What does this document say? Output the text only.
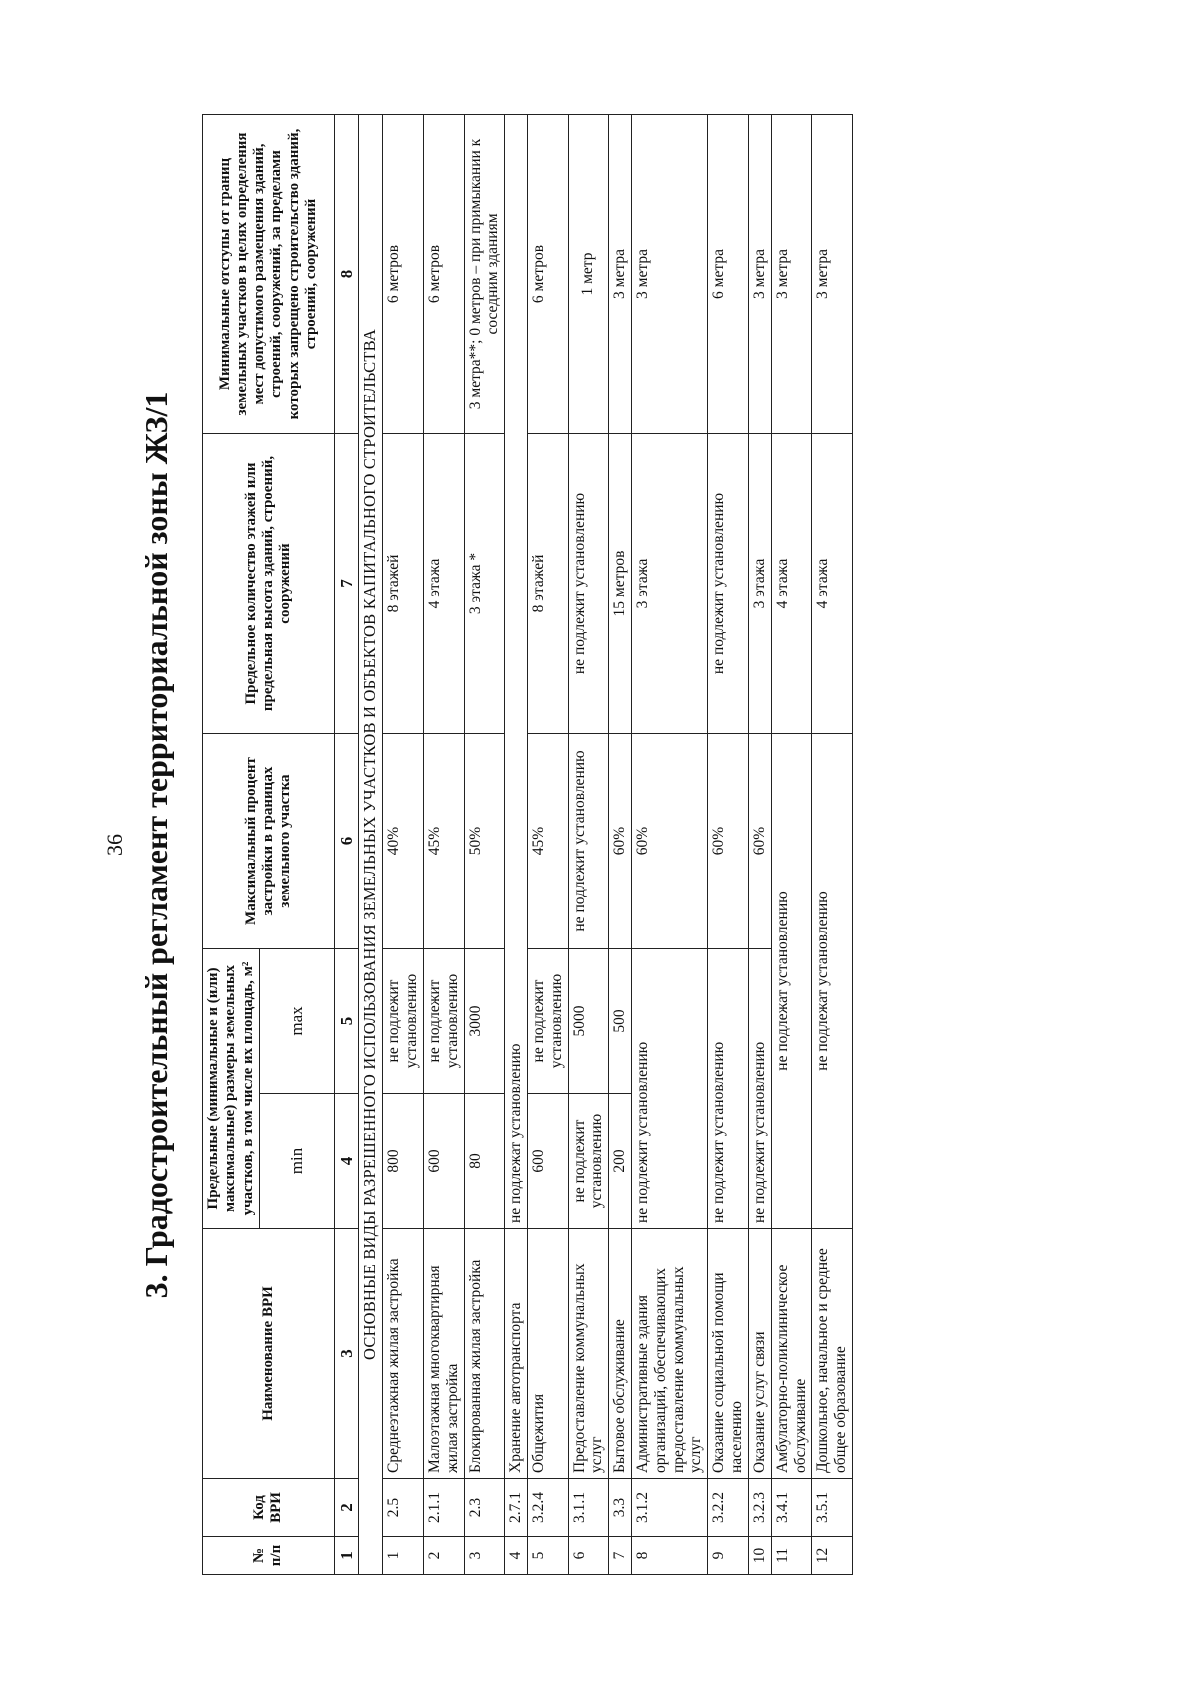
36 3. Градостроительный регламент территориальной зоны ЖЗ/1
№ п/п	Код ВРИ	Наименование ВРИ	Предельные (минимальные и (или) максимальные) размеры земельных участков, в том числе их площадь, м²		Максимальный процент застройки в границах земельного участка	Предельное количество этажей или предельная высота зданий, строений, сооружений	Минимальные отступы от границ земельных участков в целях определения мест допустимого размещения зданий, строений, сооружений, за пределами которых запрещено строительство зданий, строений, сооружений
			min	max			
1	2	3	4	5	6	7	8
ОСНОВНЫЕ ВИДЫ РАЗРЕШЕННОГО ИСПОЛЬЗОВАНИЯ ЗЕМЕЛЬНЫХ УЧАСТКОВ И ОБЪЕКТОВ КАПИТАЛЬНОГО СТРОИТЕЛЬСТВА							
1	2.5	Среднеэтажная жилая застройка	800	не подлежит установлению	40%	8 этажей	6 метров
2	2.1.1	Малоэтажная многоквартирная жилая застройка	600	не подлежит установлению	45%	4 этажа	6 метров
3	2.3	Блокированная жилая застройка	80	3000	50%	3 этажа *	3 метра**; 0 метров – при примыкании к соседним зданиям
4	2.7.1	Хранение автотранспорта	не подлежат установлению				
5	3.2.4	Общежития	600	не подлежит установлению	45%	8 этажей	6 метров
6	3.1.1	Предоставление коммунальных услуг	не подлежит установлению	5000	не подлежит установлению	не подлежит установлению	1 метр
7	3.3	Бытовое обслуживание	200	500	60%	15 метров	3 метра
8	3.1.2	Административные здания организаций, обеспечивающих предоставление коммунальных услуг	не подлежит установлению		60%	3 этажа	3 метра
9	3.2.2	Оказание социальной помощи населению	не подлежит установлению		60%	не подлежит установлению	6 метра
10	3.2.3	Оказание услуг связи	не подлежит установлению		60%	3 этажа	3 метра
11	3.4.1	Амбулаторно-поликлиническое обслуживание	не подлежат установлению			4 этажа	3 метра
12	3.5.1	Дошкольное, начальное и среднее общее образование	не подлежат установлению			4 этажа	3 метра
